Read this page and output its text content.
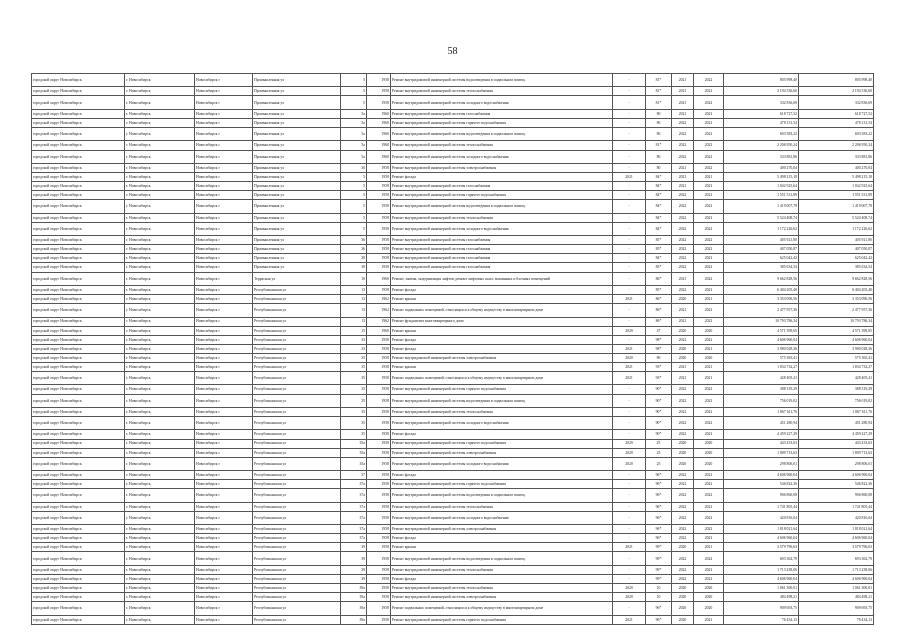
58
городской округ Новосибирск	г. Новосибирск	Новосибирск г	Промышленная ул	5	1958	Ремонт внутридомовой инженерной системы водоотведения в подвальном помещ.	-	81*	2021	2022	805 998,40	805 998,40
городской округ Новосибирск	г. Новосибирск	Новосибирск г	Промышленная ул	5	1958	Ремонт внутридомовой инженерной системы теплоснабжения	-	81*	2021	2022	2 194 536,60	2 194 536,60
городской округ Новосибирск	г. Новосибирск	Новосибирск г	Промышленная ул	5	1958	Ремонт внутридомовой инженерной системы холодного водоснабжения	-	81*	2021	2022	332 836,69	332 836,69
городской округ Новосибирск	г. Новосибирск	Новосибирск г	Промышленная ул	5а	1960	Ремонт внутридомовой инженерной системы газоснабжения	-	80	2021	2022	618 727,52	618 727,52
городской округ Новосибирск	г. Новосибирск	Новосибирск г	Промышленная ул	5а	1960	Ремонт внутридомовой инженерной системы горячего водоснабжения	-	80	2022	2022	478 131,54	478 131,54
городской округ Новосибирск	г. Новосибирск	Новосибирск г	Промышленная ул	5а	1960	Ремонт внутридомовой инженерной системы водоотведения в подвальном помещ.	-	80	2022	2022	603 583,22	603 583,22
городской округ Новосибирск	г. Новосибирск	Новосибирск г	Промышленная ул	5а	1960	Ремонт внутридомовой инженерной системы теплоснабжения	-	81*	2022	2022	2 206 950,24	2 206 950,24
городской округ Новосибирск	г. Новосибирск	Новосибирск г	Промышленная ул	5а	1960	Ремонт внутридомовой инженерной системы холодного водоснабжения	-	80	2022	2022	333 881,86	333 881,86
городской округ Новосибирск	г. Новосибирск	Новосибирск г	Промышленная ул	30	1958	Ремонт внутридомовой инженерной системы электроснабжения	-	80	2021	2022	400 270,04	400 270,04
городской округ Новосибирск	г. Новосибирск	Новосибирск г	Промышленная ул	5	1958	Ремонт фасада	2021	84*	2021	2021	5 498 215,18	5 498 215,18
городской округ Новосибирск	г. Новосибирск	Новосибирск г	Промышленная ул	5	1958	Ремонт внутридомовой инженерной системы газоснабжения	-	84*	2021	2022	1 042 925,64	1 042 925,64
городской округ Новосибирск	г. Новосибирск	Новосибирск г	Промышленная ул	5	1958	Ремонт внутридомовой инженерной системы горячего водоснабжения	-	84*	2022	2022	1 551 531,89	1 551 531,89
городской округ Новосибирск	г. Новосибирск	Новосибирск г	Промышленная ул	5	1958	Ремонт внутридомовой инженерной системы водоотведения в подвальном помещ.	-	84*	2022	2022	1 419 007,78	1 419 007,78
городской округ Новосибирск	г. Новосибирск	Новосибирск г	Промышленная ул	5	1958	Ремонт внутридомовой инженерной системы теплоснабжения	-	84*	2022	2022	5 524 408,74	5 524 408,74
городской округ Новосибирск	г. Новосибирск	Новосибирск г	Промышленная ул	5	1958	Ремонт внутридомовой инженерной системы холодного водоснабжения	-	84*	2022	2022	1 172 226,62	1 172 226,62
городской округ Новосибирск	г. Новосибирск	Новосибирск г	Промышленная ул	36	1958	Ремонт внутридомовой инженерной системы газоснабжения	-	85*	2022	2022	405 921,80	405 921,80
городской округ Новосибирск	г. Новосибирск	Новосибирск г	Промышленная ул	36	1958	Ремонт внутридомовой инженерной системы газоснабжения	-	85*	2022	2022	407 050,87	407 050,87
городской округ Новосибирск	г. Новосибирск	Новосибирск г	Промышленная ул	38	1958	Ремонт внутридомовой инженерной системы газоснабжения	-	84*	2022	2022	625 042,42	625 042,42
городской округ Новосибирск	г. Новосибирск	Новосибирск г	Промышленная ул	38	1958	Ремонт внутридомовой инженерной системы газоснабжения	-	83*	2022	2022	385 634,54	385 634,54
городской округ Новосибирск	г. Новосибирск	Новосибирск г	Террасная ул	10	1960	Ремонт, замена, модернизация лифтов, ремонт лифтовых шахт, машинных и блочных помещений	-	86*	2021	2022	9 662 828,56	9 662 828,56
городской округ Новосибирск	г. Новосибирск	Новосибирск г	Республиканская ул	13	1958	Ремонт фасада	-	85*	2022	2022	6 404 205,40	6 404 205,40
городской округ Новосибирск	г. Новосибирск	Новосибирск г	Республиканская ул	13	1962	Ремонт крыши	2021	86*	2020	2021	3 353 096,56	3 353 096,56
городской округ Новосибирск	г. Новосибирск	Новосибирск г	Республиканская ул	13	1962	Ремонт подвальных помещений, относящихся к общему имуществу в многоквартирном доме	-	86*	2021	2022	2 477 957,36	2 477 957,36
городской округ Новосибирск	г. Новосибирск	Новосибирск г	Республиканская ул	13	1962	Ремонт фундамента многоквартирного дома	-	86*	2021	2022	10 793 786,34	10 793 786,34
городской округ Новосибирск	г. Новосибирск	Новосибирск г	Республиканская ул	15	1960	Ремонт крыши	2020	47	2020	2020	4 571 399,65	4 571 399,65
городской округ Новосибирск	г. Новосибирск	Новосибирск г	Республиканская ул	33	1958	Ремонт фасада	-	98*	2022	2022	4 606 960,04	4 606 960,04
городской округ Новосибирск	г. Новосибирск	Новосибирск г	Республиканская ул	33	1958	Ремонт фасада	2021	98*	2020	2021	3 980 028,36	3 980 028,36
городской округ Новосибирск	г. Новосибирск	Новосибирск г	Республиканская ул	35	1958	Ремонт внутридомовой инженерной системы электроснабжения	2020	80	2020	2020	575 365,41	575 365,41
городской округ Новосибирск	г. Новосибирск	Новосибирск г	Республиканская ул	35	1958	Ремонт крыши	2021	93*	2021	2021	1 834 732,27	1 834 732,27
городской округ Новосибирск	г. Новосибирск	Новосибирск г	Республиканская ул	35	1958	Ремонт подвальных помещений, относящихся к общему имуществу в многоквартирном доме	2021	93*	2021	2021	428 405,41	428 405,41
городской округ Новосибирск	г. Новосибирск	Новосибирск г	Республиканская ул	35	1958	Ремонт внутридомовой инженерной системы горячего водоснабжения	-	90*	2022	2022	388 319,29	388 319,29
городской округ Новосибирск	г. Новосибирск	Новосибирск г	Республиканская ул	35	1958	Ремонт внутридомовой инженерной системы водоотведения в подвальном помещ.	-	90*	2022	2022	756 019,02	756 019,02
городской округ Новосибирск	г. Новосибирск	Новосибирск г	Республиканская ул	35	1958	Ремонт внутридомовой инженерной системы теплоснабжения	-	90*	2022	2022	1 867 611,76	1 867 611,76
городской округ Новосибирск	г. Новосибирск	Новосибирск г	Республиканская ул	35	1958	Ремонт внутридомовой инженерной системы холодного водоснабжения	-	90*	2022	2022	451 280,94	451 280,94
городской округ Новосибирск	г. Новосибирск	Новосибирск г	Республиканская ул	35	1958	Ремонт фасада	-	90*	2022	2022	4 459 227,29	4 459 227,29
городской округ Новосибирск	г. Новосибирск	Новосибирск г	Республиканская ул	35а	1958	Ремонт внутридомовой инженерной системы горячего водоснабжения	2020	25	2020	2020	443 433,63	443 433,63
городской округ Новосибирск	г. Новосибирск	Новосибирск г	Республиканская ул	35а	1958	Ремонт внутридомовой инженерной системы электроснабжения	2020	25	2020	2020	1 809 713,63	1 809 713,63
городской округ Новосибирск	г. Новосибирск	Новосибирск г	Республиканская ул	35а	1958	Ремонт внутридомовой инженерной системы холодного водоснабжения	2020	25	2020	2020	298 806,01	298 806,01
городской округ Новосибирск	г. Новосибирск	Новосибирск г	Республиканская ул	37	1958	Ремонт фасада	-	96*	2022	2022	4 606 960,04	4 606 960,04
городской округ Новосибирск	г. Новосибирск	Новосибирск г	Республиканская ул	37а	1958	Ремонт внутридомовой инженерной системы горячего водоснабжения	-	96*	2022	2022	546 822,36	546 822,36
городской округ Новосибирск	г. Новосибирск	Новосибирск г	Республиканская ул	37а	1958	Ремонт внутридомовой инженерной системы водоотведения в подвальном помещ.	-	96*	2022	2022	906 860,08	906 860,08
городской округ Новосибирск	г. Новосибирск	Новосибирск г	Республиканская ул	37а	1958	Ремонт внутридомовой инженерной системы теплоснабжения	-	96*	2022	2022	1 741 805,44	1 741 805,44
городской округ Новосибирск	г. Новосибирск	Новосибирск г	Республиканская ул	37а	1958	Ремонт внутридомовой инженерной системы холодного водоснабжения	-	96*	2022	2022	420 816,04	420 816,04
городской округ Новосибирск	г. Новосибирск	Новосибирск г	Республиканская ул	37а	1958	Ремонт внутридомовой инженерной системы электроснабжения	-	96*	2022	2022	1 818 021,64	1 818 021,64
городской округ Новосибирск	г. Новосибирск	Новосибирск г	Республиканская ул	37а	1958	Ремонт фасада	-	96*	2022	2022	4 606 960,04	4 606 960,04
городской округ Новосибирск	г. Новосибирск	Новосибирск г	Республиканская ул	39	1958	Ремонт крыши	2021	99*	2020	2021	3 579 796,63	3 579 796,63
городской округ Новосибирск	г. Новосибирск	Новосибирск г	Республиканская ул	39	1958	Ремонт внутридомовой инженерной системы водоотведения в подвальном помещ.	-	99*	2022	2022	693 362,79	693 362,79
городской округ Новосибирск	г. Новосибирск	Новосибирск г	Республиканская ул	39	1958	Ремонт внутридомовой инженерной системы теплоснабжения	-	99*	2022	2022	1 713 238,06	1 713 238,06
городской округ Новосибирск	г. Новосибирск	Новосибирск г	Республиканская ул	39	1958	Ремонт фасада	-	99*	2022	2022	4 606 960,04	4 606 960,04
городской округ Новосибирск	г. Новосибирск	Новосибирск г	Республиканская ул	39а	1958	Ремонт внутридомовой инженерной системы теплоснабжения	2020	10	2020	2020	1 061 300,01	1 061 300,01
городской округ Новосибирск	г. Новосибирск	Новосибирск г	Республиканская ул	39а	1958	Ремонт внутридомовой инженерной системы электроснабжения	2020	10	2020	2020	484 498,21	484 498,21
городской округ Новосибирск	г. Новосибирск	Новосибирск г	Республиканская ул	39а	1958	Ремонт подвальных помещений, относящихся к общему имуществу в многоквартирном доме	-	96*	2020	2020	909 693,75	909 693,75
городской округ Новосибирск	г. Новосибирск	Новосибирск г	Республиканская ул	39а	1958	Ремонт внутридомовой инженерной системы горячего водоснабжения	2021	96*	2020	2021	76 434,13	76 434,13
